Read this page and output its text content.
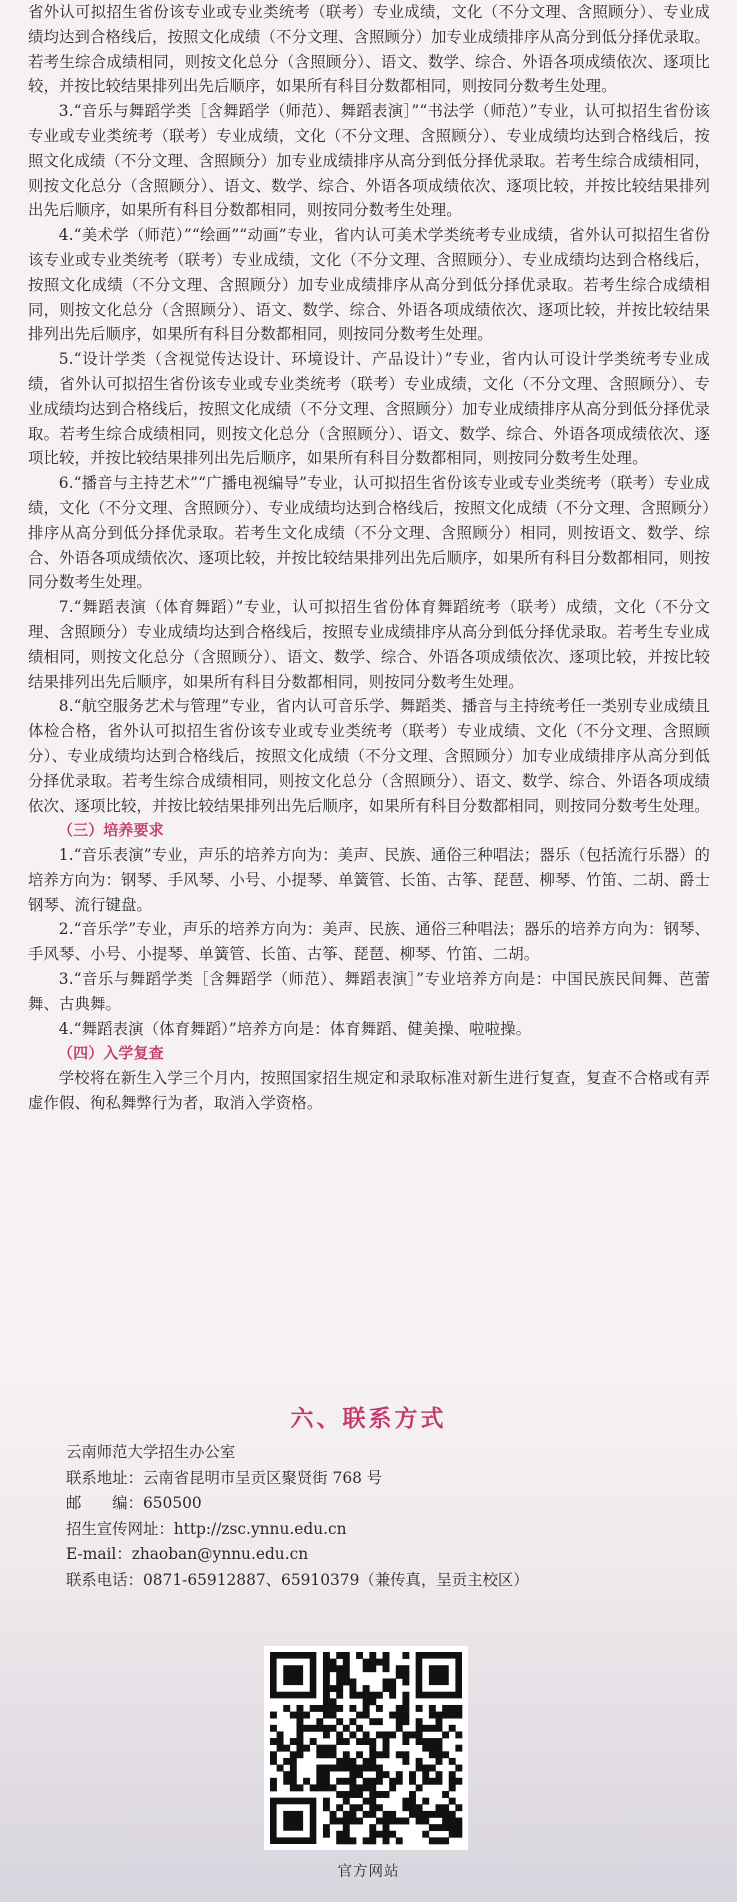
省外认可拟招生省份该专业或专业类统考（联考）专业成绩，文化（不分文理、含照顾分）、专业成绩均达到合格线后，按照文化成绩（不分文理、含照顾分）加专业成绩排序从高分到低分择优录取。若考生综合成绩相同，则按文化总分（含照顾分）、语文、数学、综合、外语各项成绩依次、逐项比较，并按比较结果排列出先后顺序，如果所有科目分数都相同，则按同分数考生处理。

3.“音乐与舞蹈学类［含舞蹈学（师范）、舞蹈表演］”“书法学（师范）”专业，认可拟招生省份该专业或专业类统考（联考）专业成绩，文化（不分文理、含照顾分）、专业成绩均达到合格线后，按照文化成绩（不分文理、含照顾分）加专业成绩排序从高分到低分择优录取。若考生综合成绩相同，则按文化总分（含照顾分）、语文、数学、综合、外语各项成绩依次、逐项比较，并按比较结果排列出先后顺序，如果所有科目分数都相同，则按同分数考生处理。

4.“美术学（师范）”“绘画”“动画”专业，省内认可美术学类统考专业成绩，省外认可拟招生省份该专业或专业类统考（联考）专业成绩，文化（不分文理、含照顾分）、专业成绩均达到合格线后，按照文化成绩（不分文理、含照顾分）加专业成绩排序从高分到低分择优录取。若考生综合成绩相同，则按文化总分（含照顾分）、语文、数学、综合、外语各项成绩依次、逐项比较，并按比较结果排列出先后顺序，如果所有科目分数都相同，则按同分数考生处理。

5.“设计学类（含视觉传达设计、环境设计、产品设计）”专业，省内认可设计学类统考专业成绩，省外认可拟招生省份该专业或专业类统考（联考）专业成绩，文化（不分文理、含照顾分）、专业成绩均达到合格线后，按照文化成绩（不分文理、含照顾分）加专业成绩排序从高分到低分择优录取。若考生综合成绩相同，则按文化总分（含照顾分）、语文、数学、综合、外语各项成绩依次、逐项比较，并按比较结果排列出先后顺序，如果所有科目分数都相同，则按同分数考生处理。

6.“播音与主持艺术”“广播电视编导”专业，认可拟招生省份该专业或专业类统考（联考）专业成绩，文化（不分文理、含照顾分）、专业成绩均达到合格线后，按照文化成绩（不分文理、含照顾分）排序从高分到低分择优录取。若考生文化成绩（不分文理、含照顾分）相同，则按语文、数学、综合、外语各项成绩依次、逐项比较，并按比较结果排列出先后顺序，如果所有科目分数都相同，则按同分数考生处理。

7.“舞蹈表演（体育舞蹈）”专业，认可拟招生省份体育舞蹈统考（联考）成绩，文化（不分文理、含照顾分）专业成绩均达到合格线后，按照专业成绩排序从高分到低分择优录取。若考生专业成绩相同，则按文化总分（含照顾分）、语文、数学、综合、外语各项成绩依次、逐项比较，并按比较结果排列出先后顺序，如果所有科目分数都相同，则按同分数考生处理。

8.“航空服务艺术与管理”专业，省内认可音乐学、舞蹈类、播音与主持统考任一类别专业成绩且体检合格，省外认可拟招生省份该专业或专业类统考（联考）专业成绩、文化（不分文理、含照顾分）、专业成绩均达到合格线后，按照文化成绩（不分文理、含照顾分）加专业成绩排序从高分到低分择优录取。若考生综合成绩相同，则按文化总分（含照顾分）、语文、数学、综合、外语各项成绩依次、逐项比较，并按比较结果排列出先后顺序，如果所有科目分数都相同，则按同分数考生处理。

（三）培养要求

1.“音乐表演”专业，声乐的培养方向为：美声、民族、通俗三种唱法；器乐（包括流行乐器）的培养方向为：钢琴、手风琴、小号、小提琴、单簧管、长笛、古筝、琵琶、柳琴、竹笛、二胡、爵士钢琴、流行键盘。

2.“音乐学”专业，声乐的培养方向为：美声、民族、通俗三种唱法；器乐的培养方向为：钢琴、手风琴、小号、小提琴、单簧管、长笛、古筝、琵琶、柳琴、竹笛、二胡。

3.“音乐与舞蹈学类［含舞蹈学（师范）、舞蹈表演］”专业培养方向是：中国民族民间舞、芭蕾舞、古典舞。

4.“舞蹈表演（体育舞蹈）”培养方向是：体育舞蹈、健美操、啦啦操。

（四）入学复查

学校将在新生入学三个月内，按照国家招生规定和录取标准对新生进行复查，复查不合格或有弄虚作假、徇私舞弊行为者，取消入学资格。

六、联系方式
云南师范大学招生办公室
联系地址：云南省昆明市呈贡区聚贤街 768 号
邮　　编：650500
招生宣传网址：http://zsc.ynnu.edu.cn
E-mail：zhaoban@ynnu.edu.cn
联系电话：0871-65912887、65910379（兼传真，呈贡主校区）
官方网站
